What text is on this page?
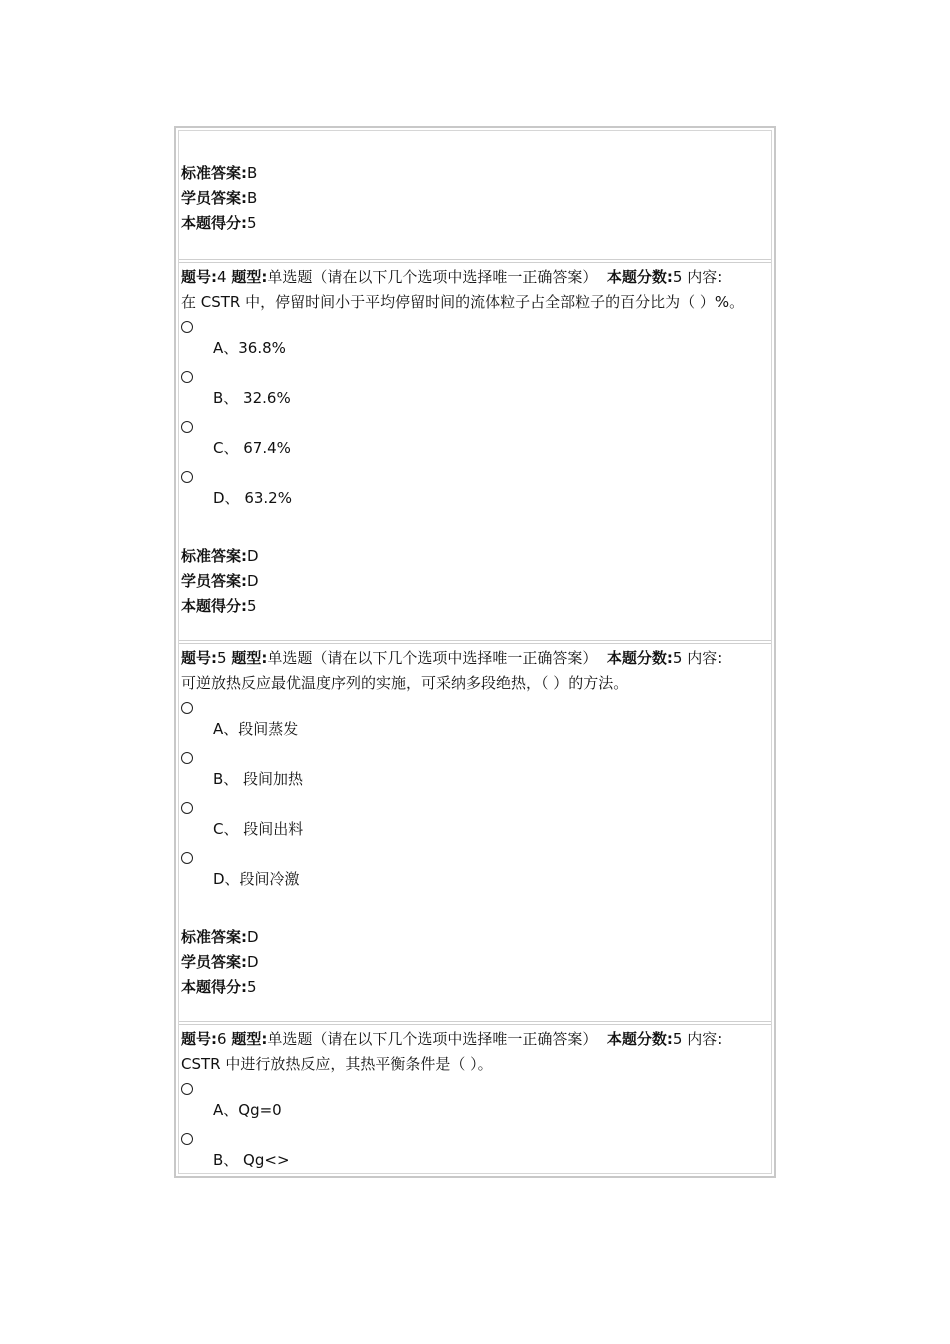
标准答案:B
学员答案:B
本题得分:5
题号:4 题型:单选题（请在以下几个选项中选择唯一正确答案） 本题分数:5 内容:
在 CSTR 中，停留时间小于平均停留时间的流体粒子占全部粒子的百分比为（ ）%。
A、36.8%
B、 32.6%
C、 67.4%
D、 63.2%
标准答案:D
学员答案:D
本题得分:5
题号:5 题型:单选题（请在以下几个选项中选择唯一正确答案） 本题分数:5 内容:
可逆放热反应最优温度序列的实施，可采纳多段绝热，（ ）的方法。
A、段间蒸发
B、 段间加热
C、 段间出料
D、段间冷激
标准答案:D
学员答案:D
本题得分:5
题号:6 题型:单选题（请在以下几个选项中选择唯一正确答案） 本题分数:5 内容:
CSTR 中进行放热反应，其热平衡条件是（ ）。
A、Qg=0
B、 Qg<>
